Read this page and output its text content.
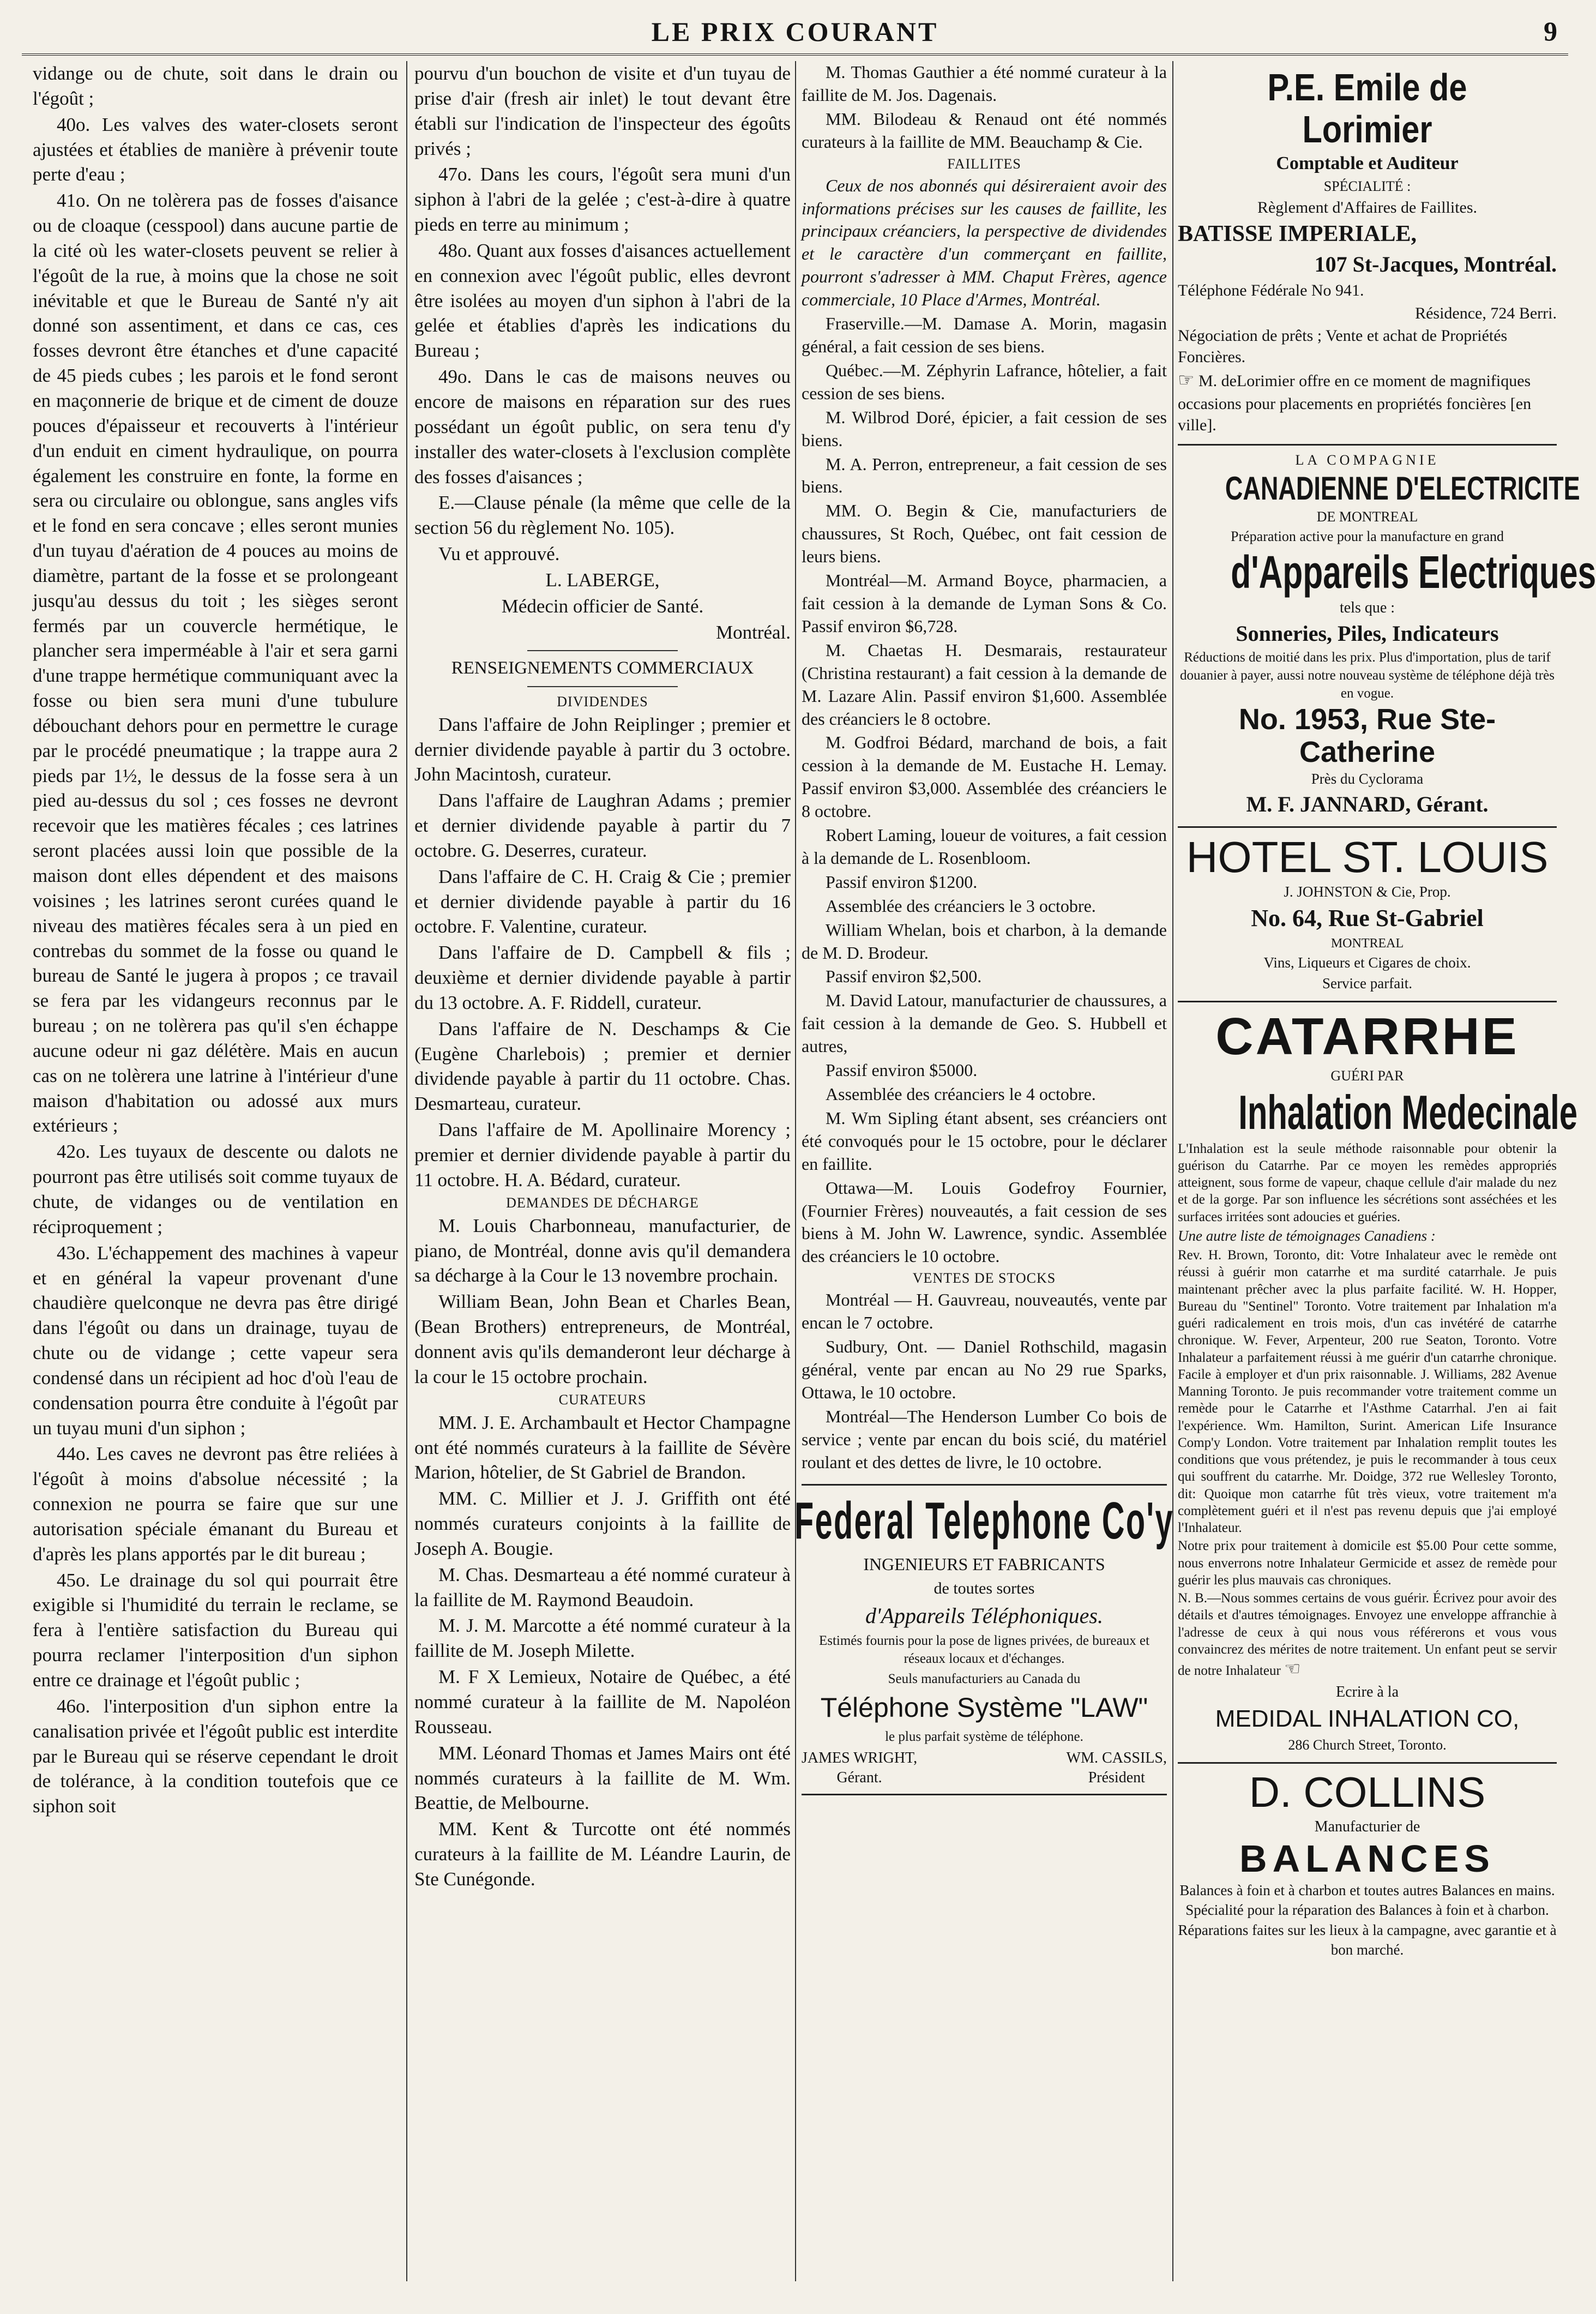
LE PRIX COURANT	9

vidange ou de chute, soit dans le drain ou l'égoût ;

40o. Les valves des water-closets seront ajustées et établies de manière à prévenir toute perte d'eau ;

41o. On ne tolèrera pas de fosses d'aisance ou de cloaque (cesspool) dans aucune partie de la cité où les water-closets peuvent se relier à l'égoût de la rue, à moins que la chose ne soit inévitable et que le Bureau de Santé n'y ait donné son assentiment, et dans ce cas, ces fosses devront être étanches et d'une capacité de 45 pieds cubes ; les parois et le fond seront en maçonnerie de brique et de ciment de douze pouces d'épaisseur et recouverts à l'intérieur d'un enduit en ciment hydraulique, on pourra également les construire en fonte, la forme en sera ou circulaire ou oblongue, sans angles vifs et le fond en sera concave ; elles seront munies d'un tuyau d'aération de 4 pouces au moins de diamètre, partant de la fosse et se prolongeant jusqu'au dessus du toit ; les sièges seront fermés par un couvercle hermétique, le plancher sera imperméable à l'air et sera garni d'une trappe hermétique communiquant avec la fosse ou bien sera muni d'une tubulure débouchant dehors pour en permettre le curage par le procédé pneumatique ; la trappe aura 2 pieds par 1½, le dessus de la fosse sera à un pied au-dessus du sol ; ces fosses ne devront recevoir que les matières fécales ; ces latrines seront placées aussi loin que possible de la maison dont elles dépendent et des maisons voisines ; les latrines seront curées quand le niveau des matières fécales sera à un pied en contrebas du sommet de la fosse ou quand le bureau de Santé le jugera à propos ; ce travail se fera par les vidangeurs reconnus par le bureau ; on ne tolèrera pas qu'il s'en échappe aucune odeur ni gaz délétère. Mais en aucun cas on ne tolèrera une latrine à l'intérieur d'une maison d'habitation ou adossé aux murs extérieurs ;

42o. Les tuyaux de descente ou dalots ne pourront pas être utilisés soit comme tuyaux de chute, de vidanges ou de ventilation en réciproquement ;

43o. L'échappement des machines à vapeur et en général la vapeur provenant d'une chaudière quelconque ne devra pas être dirigé dans l'égoût ou dans un drainage, tuyau de chute ou de vidange ; cette vapeur sera condensé dans un récipient ad hoc d'où l'eau de condensation pourra être conduite à l'égoût par un tuyau muni d'un siphon ;

44o. Les caves ne devront pas être reliées à l'égoût à moins d'absolue nécessité ; la connexion ne pourra se faire que sur une autorisation spéciale émanant du Bureau et d'après les plans apportés par le dit bureau ;

45o. Le drainage du sol qui pourrait être exigible si l'humidité du terrain le reclame, se fera à l'entière satisfaction du Bureau qui pourra reclamer l'interposition d'un siphon entre ce drainage et l'égoût public ;

46o. l'interposition d'un siphon entre la canalisation privée et l'égoût public est interdite par le Bureau qui se réserve cependant le droit de tolérance, à la condition toutefois que ce siphon soit

pourvu d'un bouchon de visite et d'un tuyau de prise d'air (fresh air inlet) le tout devant être établi sur l'indication de l'inspecteur des égoûts privés ;

47o. Dans les cours, l'égoût sera muni d'un siphon à l'abri de la gelée ; c'est-à-dire à quatre pieds en terre au minimum ;

48o. Quant aux fosses d'aisances actuellement en connexion avec l'égoût public, elles devront être isolées au moyen d'un siphon à l'abri de la gelée et établies d'après les indications du Bureau ;

49o. Dans le cas de maisons neuves ou encore de maisons en réparation sur des rues possédant un égoût public, on sera tenu d'y installer des water-closets à l'exclusion complète des fosses d'aisances ;

E.—Clause pénale (la même que celle de la section 56 du règlement No. 105).

Vu et approuvé.

L. LABERGE,

Médecin officier de Santé.

Montréal.

RENSEIGNEMENTS COMMERCIAUX

DIVIDENDES

Dans l'affaire de John Reiplinger ; premier et dernier dividende payable à partir du 3 octobre. John Macintosh, curateur.

Dans l'affaire de Laughran Adams ; premier et dernier dividende payable à partir du 7 octobre. G. Deserres, curateur.

Dans l'affaire de C. H. Craig & Cie ; premier et dernier dividende payable à partir du 16 octobre. F. Valentine, curateur.

Dans l'affaire de D. Campbell & fils ; deuxième et dernier dividende payable à partir du 13 octobre. A. F. Riddell, curateur.

Dans l'affaire de N. Deschamps & Cie (Eugène Charlebois) ; premier et dernier dividende payable à partir du 11 octobre. Chas. Desmarteau, curateur.

Dans l'affaire de M. Apollinaire Morency ; premier et dernier dividende payable à partir du 11 octobre. H. A. Bédard, curateur.

DEMANDES DE DÉCHARGE

M. Louis Charbonneau, manufacturier, de piano, de Montréal, donne avis qu'il demandera sa décharge à la Cour le 13 novembre prochain.

William Bean, John Bean et Charles Bean, (Bean Brothers) entrepreneurs, de Montréal, donnent avis qu'ils demanderont leur décharge à la cour le 15 octobre prochain.

CURATEURS

MM. J. E. Archambault et Hector Champagne ont été nommés curateurs à la faillite de Sévère Marion, hôtelier, de St Gabriel de Brandon.

MM. C. Millier et J. J. Griffith ont été nommés curateurs conjoints à la faillite de Joseph A. Bougie.

M. Chas. Desmarteau a été nommé curateur à la faillite de M. Raymond Beaudoin.

M. J. M. Marcotte a été nommé curateur à la faillite de M. Joseph Milette.

M. F X Lemieux, Notaire de Québec, a été nommé curateur à la faillite de M. Napoléon Rousseau.

MM. Léonard Thomas et James Mairs ont été nommés curateurs à la faillite de M. Wm. Beattie, de Melbourne.

MM. Kent & Turcotte ont été nommés curateurs à la faillite de M. Léandre Laurin, de Ste Cunégonde.

M. Thomas Gauthier a été nommé curateur à la faillite de M. Jos. Dagenais.

MM. Bilodeau & Renaud ont été nommés curateurs à la faillite de MM. Beauchamp & Cie.

FAILLITES

Ceux de nos abonnés qui désireraient avoir des informations précises sur les causes de faillite, les principaux créanciers, la perspective de dividendes et le caractère d'un commerçant en faillite, pourront s'adresser à MM. Chaput Frères, agence commerciale, 10 Place d'Armes, Montréal.

Fraserville.—M. Damase A. Morin, magasin général, a fait cession de ses biens.

Québec.—M. Zéphyrin Lafrance, hôtelier, a fait cession de ses biens.

M. Wilbrod Doré, épicier, a fait cession de ses biens.

M. A. Perron, entrepreneur, a fait cession de ses biens.

MM. O. Begin & Cie, manufacturiers de chaussures, St Roch, Québec, ont fait cession de leurs biens.

Montréal—M. Armand Boyce, pharmacien, a fait cession à la demande de Lyman Sons & Co. Passif environ $6,728.

M. Chaetas H. Desmarais, restaurateur (Christina restaurant) a fait cession à la demande de M. Lazare Alin. Passif environ $1,600. Assemblée des créanciers le 8 octobre.

M. Godfroi Bédard, marchand de bois, a fait cession à la demande de M. Eustache H. Lemay. Passif environ $3,000. Assemblée des créanciers le 8 octobre.

Robert Laming, loueur de voitures, a fait cession à la demande de L. Rosenbloom.

Passif environ $1200.

Assemblée des créanciers le 3 octobre.

William Whelan, bois et charbon, à la demande de M. D. Brodeur.

Passif environ $2,500.

M. David Latour, manufacturier de chaussures, a fait cession à la demande de Geo. S. Hubbell et autres,

Passif environ $5000.

Assemblée des créanciers le 4 octobre.

M. Wm Sipling étant absent, ses créanciers ont été convoqués pour le 15 octobre, pour le déclarer en faillite.

Ottawa—M. Louis Godefroy Fournier, (Fournier Frères) nouveautés, a fait cession de ses biens à M. John W. Lawrence, syndic. Assemblée des créanciers le 10 octobre.

VENTES DE STOCKS

Montréal — H. Gauvreau, nouveautés, vente par encan le 7 octobre.

Sudbury, Ont. — Daniel Rothschild, magasin général, vente par encan au No 29 rue Sparks, Ottawa, le 10 octobre.

Montréal—The Henderson Lumber Co bois de service ; vente par encan du bois scié, du matériel roulant et des dettes de livre, le 10 octobre.

Federal Telephone Co'y

INGENIEURS ET FABRICANTS

de toutes sortes

d'Appareils Téléphoniques.

Estimés fournis pour la pose de lignes privées, de bureaux et réseaux locaux et d'échanges.

Seuls manufacturiers au Canada du

Téléphone Système "LAW"

le plus parfait système de téléphone.

JAMES WRIGHT,
Gérant.
WM. CASSILS,
Président

P.E. Emile de Lorimier

Comptable et Auditeur

SPÉCIALITÉ :

Règlement d'Affaires de Faillites.

BATISSE IMPERIALE,

107 St-Jacques, Montréal.

Téléphone Fédérale No 941.

Résidence, 724 Berri.

Négociation de prêts ; Vente et achat de Propriétés Foncières.

☞ M. deLorimier offre en ce moment de magnifiques occasions pour placements en propriétés foncières [en ville].

LA COMPAGNIE

CANADIENNE D'ELECTRICITE

DE MONTREAL

Préparation active pour la manufacture en grand

d'Appareils Electriques

tels que :

Sonneries, Piles, Indicateurs

Réductions de moitié dans les prix. Plus d'importation, plus de tarif douanier à payer, aussi notre nouveau système de téléphone déjà très en vogue.

No. 1953, Rue Ste-Catherine

Près du Cyclorama

M. F. JANNARD, Gérant.

HOTEL ST. LOUIS

J. JOHNSTON & Cie, Prop.

No. 64, Rue St-Gabriel

MONTREAL

Vins, Liqueurs et Cigares de choix.

Service parfait.

CATARRHE

GUÉRI PAR

Inhalation Medecinale

L'Inhalation est la seule méthode raisonnable pour obtenir la guérison du Catarrhe. Par ce moyen les remèdes appropriés atteignent, sous forme de vapeur, chaque cellule d'air malade du nez et de la gorge. Par son influence les sécrétions sont asséchées et les surfaces irritées sont adoucies et guéries.

Une autre liste de témoignages Canadiens :

Rev. H. Brown, Toronto, dit: Votre Inhalateur avec le remède ont réussi à guérir mon catarrhe et ma surdité catarrhale. Je puis maintenant prêcher avec la plus parfaite facilité. W. H. Hopper, Bureau du "Sentinel" Toronto. Votre traitement par Inhalation m'a guéri radicalement en trois mois, d'un cas invétéré de catarrhe chronique. W. Fever, Arpenteur, 200 rue Seaton, Toronto. Votre Inhalateur a parfaitement réussi à me guérir d'un catarrhe chronique. Facile à employer et d'un prix raisonnable. J. Williams, 282 Avenue Manning Toronto. Je puis recommander votre traitement comme un remède pour le Catarrhe et l'Asthme Catarrhal. J'en ai fait l'expérience. Wm. Hamilton, Surint. American Life Insurance Comp'y London. Votre traitement par Inhalation remplit toutes les conditions que vous prétendez, je puis le recommander à tous ceux qui souffrent du catarrhe. Mr. Doidge, 372 rue Wellesley Toronto, dit: Quoique mon catarrhe fût très vieux, votre traitement m'a complètement guéri et il n'est pas revenu depuis que j'ai employé l'Inhalateur.

Notre prix pour traitement à domicile est $5.00 Pour cette somme, nous enverrons notre Inhalateur Germicide et assez de remède pour guérir les plus mauvais cas chroniques.

N. B.—Nous sommes certains de vous guérir. Écrivez pour avoir des détails et d'autres témoignages. Envoyez une enveloppe affranchie à l'adresse de ceux à qui nous vous référerons et vous vous convaincrez des mérites de notre traitement. Un enfant peut se servir de notre Inhalateur ☜

Ecrire à la

MEDIDAL INHALATION CO,

286 Church Street, Toronto.

D. COLLINS

Manufacturier de

BALANCES

Balances à foin et à charbon et toutes autres Balances en mains. Spécialité pour la réparation des Balances à foin et à charbon.

Réparations faites sur les lieux à la campagne, avec garantie et à bon marché.
